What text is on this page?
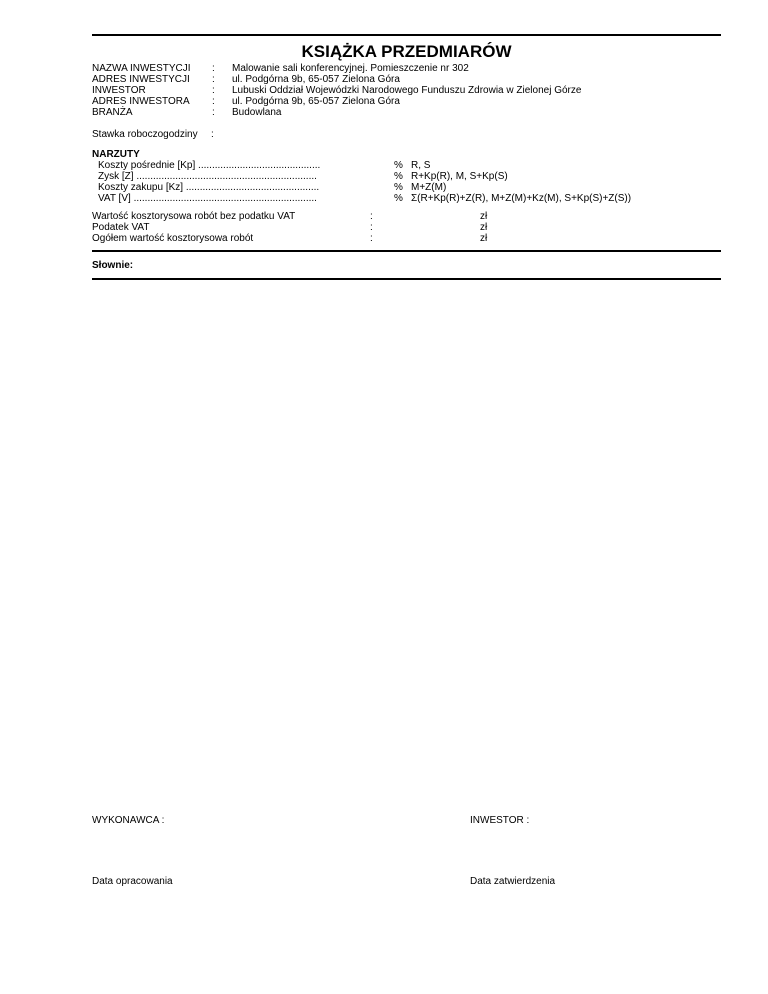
KSIĄŻKA PRZEDMIARÓW
NAZWA INWESTYCJI : Malowanie sali konferencyjnej. Pomieszczenie nr 302
ADRES INWESTYCJI : ul. Podgórna 9b, 65-057 Zielona Góra
INWESTOR	: Lubuski Oddział Wojewódzki Narodowego Funduszu Zdrowia w Zielonej Górze
ADRES INWESTORA : ul. Podgórna 9b, 65-057 Zielona Góra
BRANŻA	: Budowlana
Stawka roboczogodziny :
NARZUTY
Koszty pośrednie [Kp] ............................................	% R, S
Zysk [Z] .................................................................	% R+Kp(R), M, S+Kp(S)
Koszty zakupu [Kz] ................................................	% M+Z(M)
VAT [V] ..................................................................	% Σ(R+Kp(R)+Z(R), M+Z(M)+Kz(M), S+Kp(S)+Z(S))
Wartość kosztorysowa robót bez podatku VAT	:	zł
Podatek VAT	:	zł
Ogółem wartość kosztorysowa robót	:	zł
Słownie:
WYKONAWCA :	INWESTOR :
Data opracowania	Data zatwierdzenia
